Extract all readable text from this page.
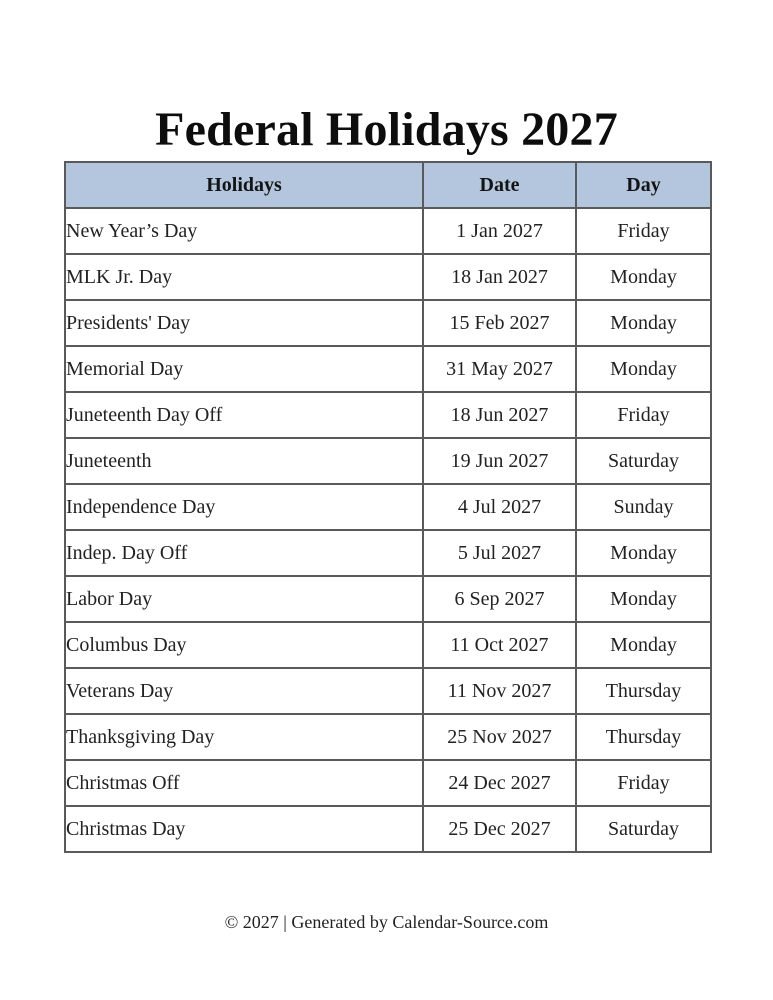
Federal Holidays 2027
Holidays	Date	Day
New Year’s Day	1 Jan 2027	Friday
MLK Jr. Day	18 Jan 2027	Monday
Presidents' Day	15 Feb 2027	Monday
Memorial Day	31 May 2027	Monday
Juneteenth Day Off	18 Jun 2027	Friday
Juneteenth	19 Jun 2027	Saturday
Independence Day	4 Jul 2027	Sunday
Indep. Day Off	5 Jul 2027	Monday
Labor Day	6 Sep 2027	Monday
Columbus Day	11 Oct 2027	Monday
Veterans Day	11 Nov 2027	Thursday
Thanksgiving Day	25 Nov 2027	Thursday
Christmas Off	24 Dec 2027	Friday
Christmas Day	25 Dec 2027	Saturday
© 2027 | Generated by Calendar-Source.com
